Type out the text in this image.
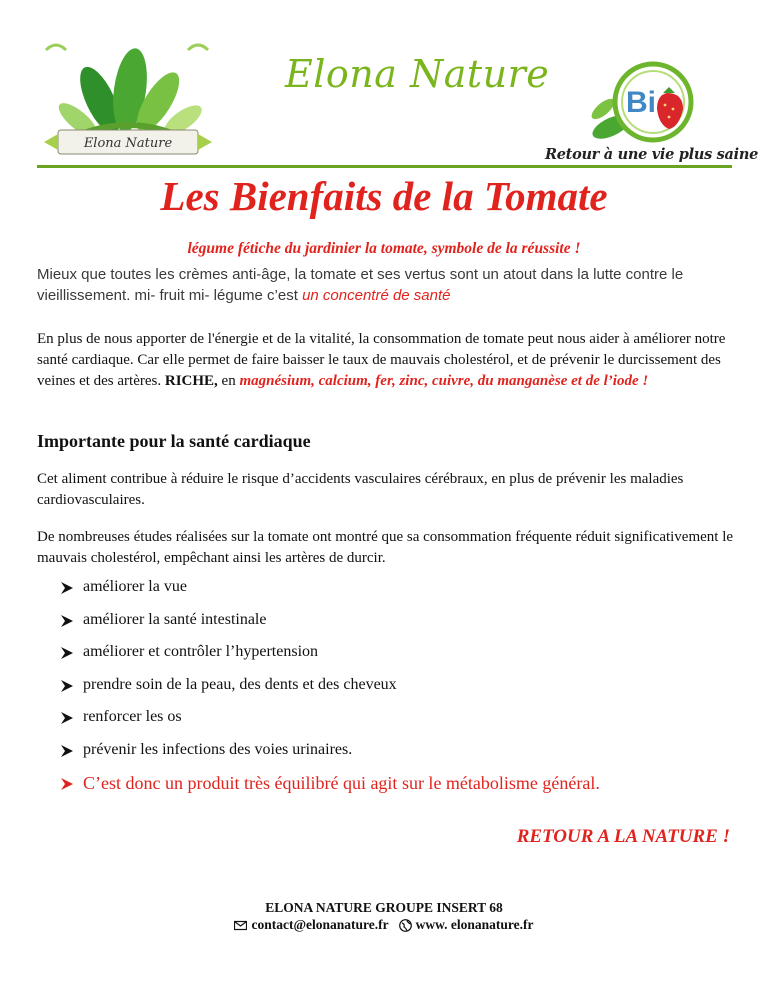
Elona Nature
Elona Nature
Bi
Retour à une vie plus saine
Les Bienfaits de la Tomate
légume fétiche du jardinier la tomate, symbole de la réussite !
Mieux que toutes les crèmes anti-âge, la tomate et ses vertus sont un atout dans la lutte contre le vieillissement. mi- fruit mi- légume c’est un concentré de santé
En plus de nous apporter de l'énergie et de la vitalité, la consommation de tomate peut nous aider à améliorer notre santé cardiaque. Car elle permet de faire baisser le taux de mauvais cholestérol, et de prévenir le durcissement des veines et des artères. RICHE, en magnésium, calcium, fer, zinc, cuivre, du manganèse et de l’iode !
Importante pour la santé cardiaque
Cet aliment contribue à réduire le risque d’accidents vasculaires cérébraux, en plus de prévenir les maladies cardiovasculaires.
De nombreuses études réalisées sur la tomate ont montré que sa consommation fréquente réduit significativement le mauvais cholestérol, empêchant ainsi les artères de durcir.
améliorer la vue
améliorer la santé intestinale
améliorer et contrôler l’hypertension
prendre soin de la peau, des dents et des cheveux
renforcer les os
prévenir les infections des voies urinaires.
C’est donc un produit très équilibré qui agit sur le métabolisme général.
RETOUR A LA NATURE !
ELONA NATURE GROUPE INSERT 68
contact@elonanature.fr www. elonanature.fr
